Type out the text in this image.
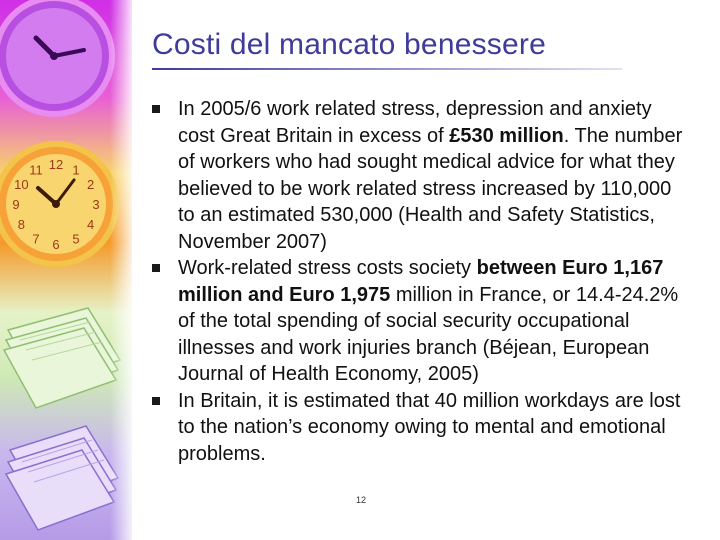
12 1
2
3
4
5
6
7
8
9
10
11
Costi del mancato benessere
In 2005/6 work related stress, depression and anxiety cost Great Britain in excess of £530 million. The number of workers who had sought medical advice for what they believed to be work related stress increased by 110,000 to an estimated 530,000 (Health and Safety Statistics, November 2007)
Work-related stress costs society between Euro 1,167 million and Euro 1,975 million in France, or 14.4-24.2% of the total spending of social security occupational illnesses and work injuries branch (Béjean, European Journal of Health Economy, 2005)
In Britain, it is estimated that 40 million workdays are lost to the nation’s economy owing to mental and emotional problems.
12
